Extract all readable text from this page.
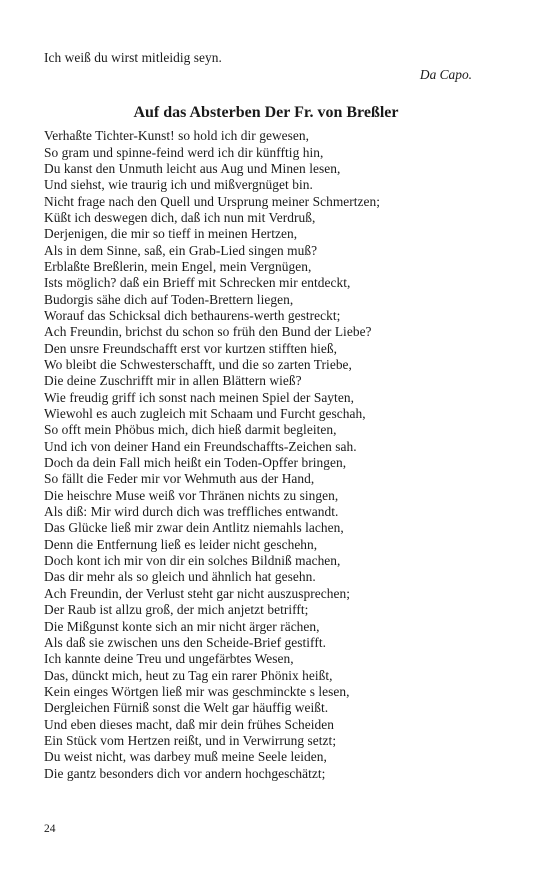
Ich weiß du wirst mitleidig seyn.
Da Capo.
Auf das Absterben Der Fr. von Breßler
Verhaßte Tichter-Kunst! so hold ich dir gewesen,
So gram und spinne-feind werd ich dir künfftig hin,
Du kanst den Unmuth leicht aus Aug und Minen lesen,
Und siehst, wie traurig ich und mißvergnüget bin.
Nicht frage nach den Quell und Ursprung meiner Schmertzen;
Küßt ich deswegen dich, daß ich nun mit Verdruß,
Derjenigen, die mir so tieff in meinen Hertzen,
Als in dem Sinne, saß, ein Grab-Lied singen muß?
Erblaßte Breßlerin, mein Engel, mein Vergnügen,
Ists möglich? daß ein Brieff mit Schrecken mir entdeckt,
Budorgis sähe dich auf Toden-Brettern liegen,
Worauf das Schicksal dich bethaurens-werth gestreckt;
Ach Freundin, brichst du schon so früh den Bund der Liebe?
Den unsre Freundschafft erst vor kurtzen stifften hieß,
Wo bleibt die Schwesterschafft, und die so zarten Triebe,
Die deine Zuschrifft mir in allen Blättern wieß?
Wie freudig griff ich sonst nach meinen Spiel der Sayten,
Wiewohl es auch zugleich mit Schaam und Furcht geschah,
So offt mein Phöbus mich, dich hieß darmit begleiten,
Und ich von deiner Hand ein Freundschaffts-Zeichen sah.
Doch da dein Fall mich heißt ein Toden-Opffer bringen,
So fällt die Feder mir vor Wehmuth aus der Hand,
Die heischre Muse weiß vor Thränen nichts zu singen,
Als diß: Mir wird durch dich was treffliches entwandt.
Das Glücke ließ mir zwar dein Antlitz niemahls lachen,
Denn die Entfernung ließ es leider nicht geschehn,
Doch kont ich mir von dir ein solches Bildniß machen,
Das dir mehr als so gleich und ähnlich hat gesehn.
Ach Freundin, der Verlust steht gar nicht auszusprechen;
Der Raub ist allzu groß, der mich anjetzt betrifft;
Die Mißgunst konte sich an mir nicht ärger rächen,
Als daß sie zwischen uns den Scheide-Brief gestifft.
Ich kannte deine Treu und ungefärbtes Wesen,
Das, dünckt mich, heut zu Tag ein rarer Phönix heißt,
Kein einges Wörtgen ließ mir was geschminckte s lesen,
Dergleichen Fürniß sonst die Welt gar häuffig weißt.
Und eben dieses macht, daß mir dein frühes Scheiden
Ein Stück vom Hertzen reißt, und in Verwirrung setzt;
Du weist nicht, was darbey muß meine Seele leiden,
Die gantz besonders dich vor andern hochgeschätzt;
24
